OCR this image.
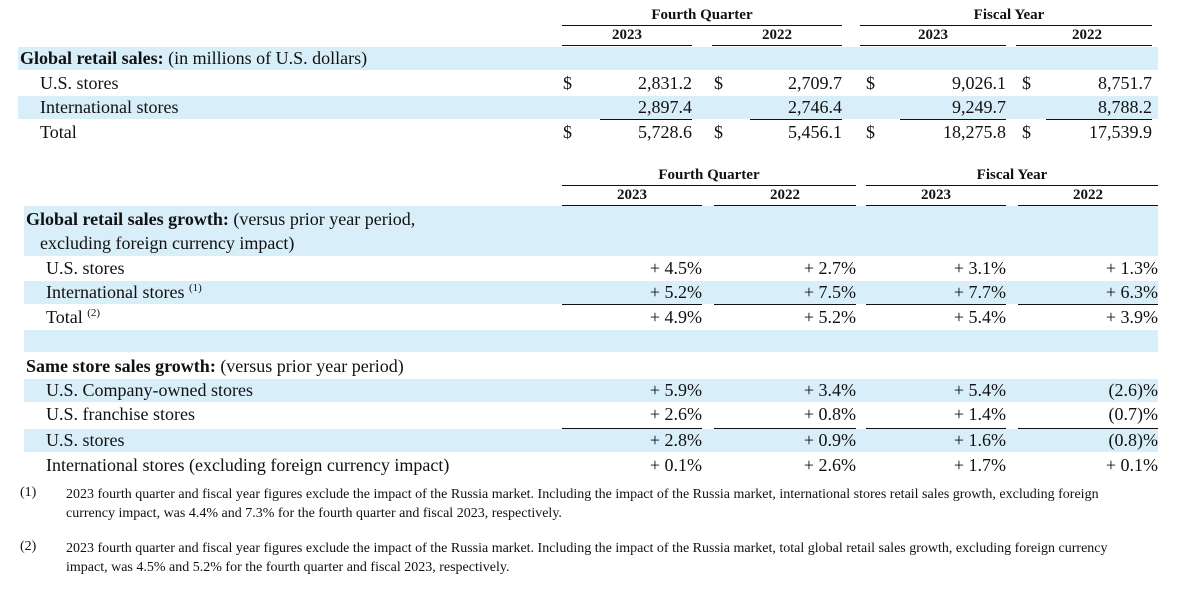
Fourth Quarter	Fiscal Year
2023	2022	2023	2022
Global retail sales: (in millions of U.S. dollars)
U.S. stores	$	2,831.2 $	2,709.7 $	9,026.1 $	8,751.7
International stores	2,897.4	2,746.4	9,249.7	8,788.2
Total	$	5,728.6 $	5,456.1 $	18,275.8 $	17,539.9
Fourth Quarter	Fiscal Year
2023	2022	2023	2022
Global retail sales growth: (versus prior year period,
excluding foreign currency impact)
U.S. stores	+ 4.5%	+ 2.7%	+ 3.1%	+ 1.3%
International stores $^{(1)}$	+ 5.2%	+ 7.5%	+ 7.7%	+ 6.3%
Total $^{(2)}$	+ 4.9%	+ 5.2%	+ 5.4%	+ 3.9%
Same store sales growth: (versus prior year period)
U.S. Company-owned stores	+ 5.9%	+ 3.4%	+ 5.4%	(2.6)%
U.S. franchise stores	+ 2.6%	+ 0.8%	+ 1.4%	(0.7)%
U.S. stores	+ 2.8%	+ 0.9%	+ 1.6%	(0.8)%
International stores (excluding foreign currency impact)	+ 0.1%	+ 2.6%	+ 1.7%	+ 0.1%
(1) 2023 fourth quarter and fiscal year figures exclude the impact of the Russia market. Including the impact of the Russia market, international stores retail sales growth, excluding foreign currency impact, was 4.4% and 7.3% for the fourth quarter and fiscal 2023, respectively.
(2) 2023 fourth quarter and fiscal year figures exclude the impact of the Russia market. Including the impact of the Russia market, total global retail sales growth, excluding foreign currency impact, was 4.5% and 5.2% for the fourth quarter and fiscal 2023, respectively.
